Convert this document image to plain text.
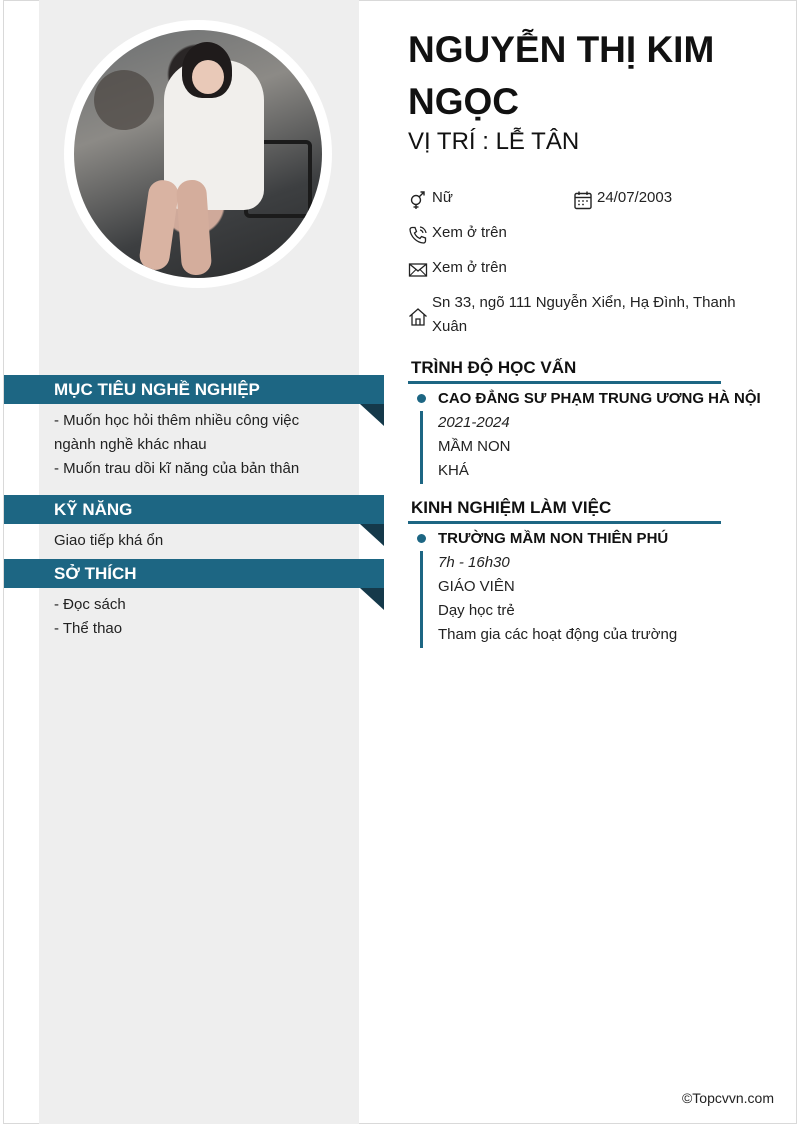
MỤC TIÊU NGHỀ NGHIỆP
- Muốn học hỏi thêm nhiều công việc ngành nghề khác nhau
- Muốn trau dồi kĩ năng của bản thân
KỸ NĂNG
Giao tiếp khá ổn
SỞ THÍCH
- Đọc sách
- Thể thao
NGUYỄN THỊ KIM NGỌC
VỊ TRÍ : LỄ TÂN
Nữ	24/07/2003
Xem ở trên
Xem ở trên
Sn 33, ngõ 111 Nguyễn Xiển, Hạ Đình, Thanh Xuân
TRÌNH ĐỘ HỌC VẤN
CAO ĐẲNG SƯ PHẠM TRUNG ƯƠNG HÀ NỘI
2021-2024
MẦM NON
KHÁ
KINH NGHIỆM LÀM VIỆC
TRƯỜNG MẦM NON THIÊN PHÚ
7h - 16h30
GIÁO VIÊN
Dạy học trẻ
Tham gia các hoạt động của trường
©Topcvvn.com
